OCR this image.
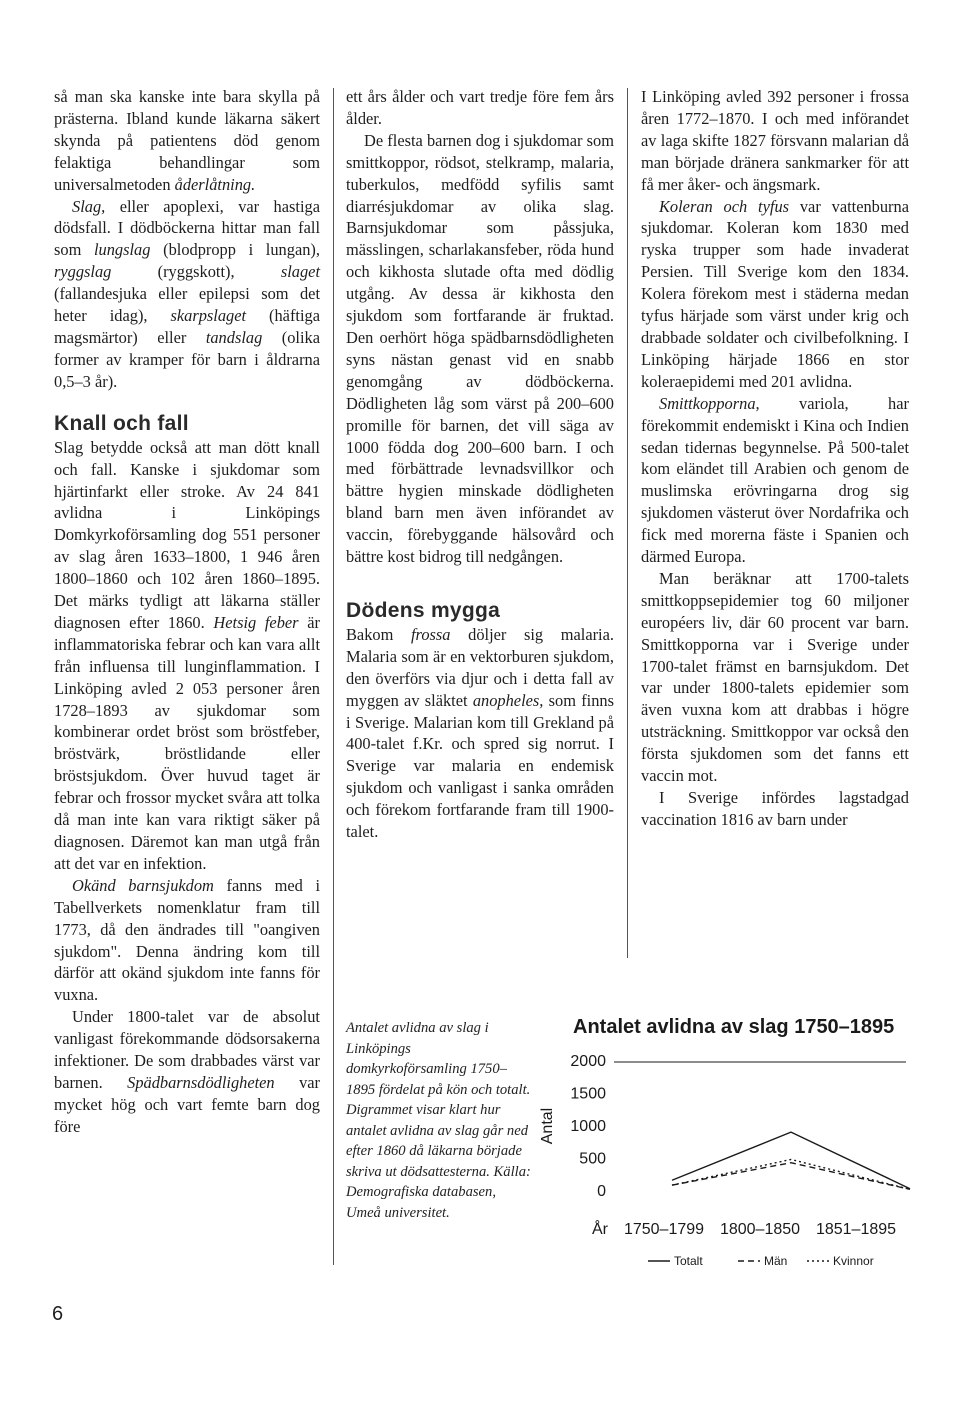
så man ska kanske inte bara skylla på prästerna. Ibland kunde läkarna säkert skynda på patientens död genom felaktiga behandlingar som universalmetoden åderlåtning.

Slag, eller apoplexi, var hastiga dödsfall. I dödböckerna hittar man fall som lungslag (blodpropp i lungan), ryggslag	(ryggskott),	slaget (fallandesjuka eller epilepsi som det heter idag), skarpslaget (häftiga magsmärtor) eller tandslag (olika former av kramper för barn i åldrarna 0,5–3 år).

Knall och fall

Slag betydde också att man dött knall och fall. Kanske i sjukdomar som hjärtinfarkt eller stroke. Av 24 841 avlidna i Linköpings Domkyrkoförsamling dog 551 personer av slag åren 1633–1800, 1 946 åren 1800–1860 och 102 åren 1860–1895. Det märks tydligt att läkarna ställer diagnosen efter 1860. Hetsig feber är inflammatoriska febrar och kan vara allt från influensa till lunginflammation. I Linköping avled 2 053 personer åren 1728–1893 av sjukdomar som kombinerar ordet bröst som bröstfeber, bröstvärk, bröstlidande eller bröstsjukdom. Över huvud taget är febrar och frossor mycket svåra att tolka då man inte kan vara riktigt säker på diagnosen. Däremot kan man utgå från att det var en infektion.

Okänd barnsjukdom fanns med i Tabellverkets nomenklatur fram till 1773, då den ändrades till "oangiven sjukdom". Denna ändring kom till därför att okänd sjukdom inte fanns för vuxna.

Under 1800-talet var de absolut vanligast förekommande dödsorsakerna infektioner. De som drabbades värst var barnen. Spädbarnsdödligheten var mycket hög och vart femte barn dog före

ett års ålder och vart tredje före fem års ålder.

De flesta barnen dog i sjukdomar som smittkoppor, rödsot, stelkramp, malaria, tuberkulos, medfödd syfilis samt diarrésjukdomar av olika slag. Barnsjukdomar som påssjuka, mässlingen, scharlakansfeber, röda hund och kikhosta slutade ofta med dödlig utgång. Av dessa är kikhosta den sjukdom som fortfarande är fruktad. Den oerhört höga spädbarnsdödligheten syns nästan genast vid en snabb genomgång av dödböckerna. Dödligheten låg som värst på 200–600 promille för barnen, det vill säga av 1000 födda dog 200–600 barn. I och med förbättrade levnadsvillkor och bättre hygien minskade dödligheten bland barn men även införandet av vaccin, förebyggande hälsovård och bättre kost bidrog till nedgången.

Dödens mygga

Bakom frossa döljer sig malaria. Malaria som är en vektorburen sjukdom, den överförs via djur och i detta fall av myggen av släktet anopheles, som finns i Sverige. Malarian kom till Grekland på 400-talet f.Kr. och spred sig norrut. I Sverige var malaria en endemisk sjukdom och vanligast i sanka områden och förekom fortfarande fram till 1900-talet.

I Linköping avled 392 personer i frossa åren 1772–1870. I och med införandet av laga skifte 1827 försvann malarian då man började dränera sankmarker för att få mer åker- och ängsmark.

Koleran och tyfus var vattenburna sjukdomar. Koleran kom 1830 med ryska trupper som hade invaderat Persien. Till Sverige kom den 1834. Kolera förekom mest i städerna medan tyfus härjade som värst under krig och drabbade soldater och civilbefolkning. I Linköping härjade 1866 en stor koleraepidemi med 201 avlidna.

Smittkopporna, variola, har förekommit endemiskt i Kina och Indien sedan tidernas begynnelse. På 500-talet kom eländet till Arabien och genom de muslimska erövringarna drog sig sjukdomen västerut över Nordafrika och fick med morerna fäste i Spanien och därmed Europa.

Man beräknar att 1700-talets smittkoppsepidemier tog 60 miljoner européers liv, där 60 procent var barn. Smittkopporna var i Sverige under 1700-talet främst en barnsjukdom. Det var under 1800-talets epidemier som även vuxna kom att drabbas i högre utsträckning. Smittkoppor var också den första sjukdomen som det fanns ett vaccin mot.

I Sverige infördes lagstadgad vaccination 1816 av barn under

Antalet avlidna av slag i Linköpings domkyrkoförsamling 1750–1895 fördelat på kön och totalt. Digrammet visar klart hur antalet avlidna av slag går ned efter 1860 då läkarna började skriva ut dödsattesterna. Källa: Demografiska databasen, Umeå universitet.
Antalet avlidna av slag 1750–1895
0
500
1000
1500
2000
Antal
År 1750–1799 1800–1850 1851–1895
Totalt	Män	Kvinnor
6
